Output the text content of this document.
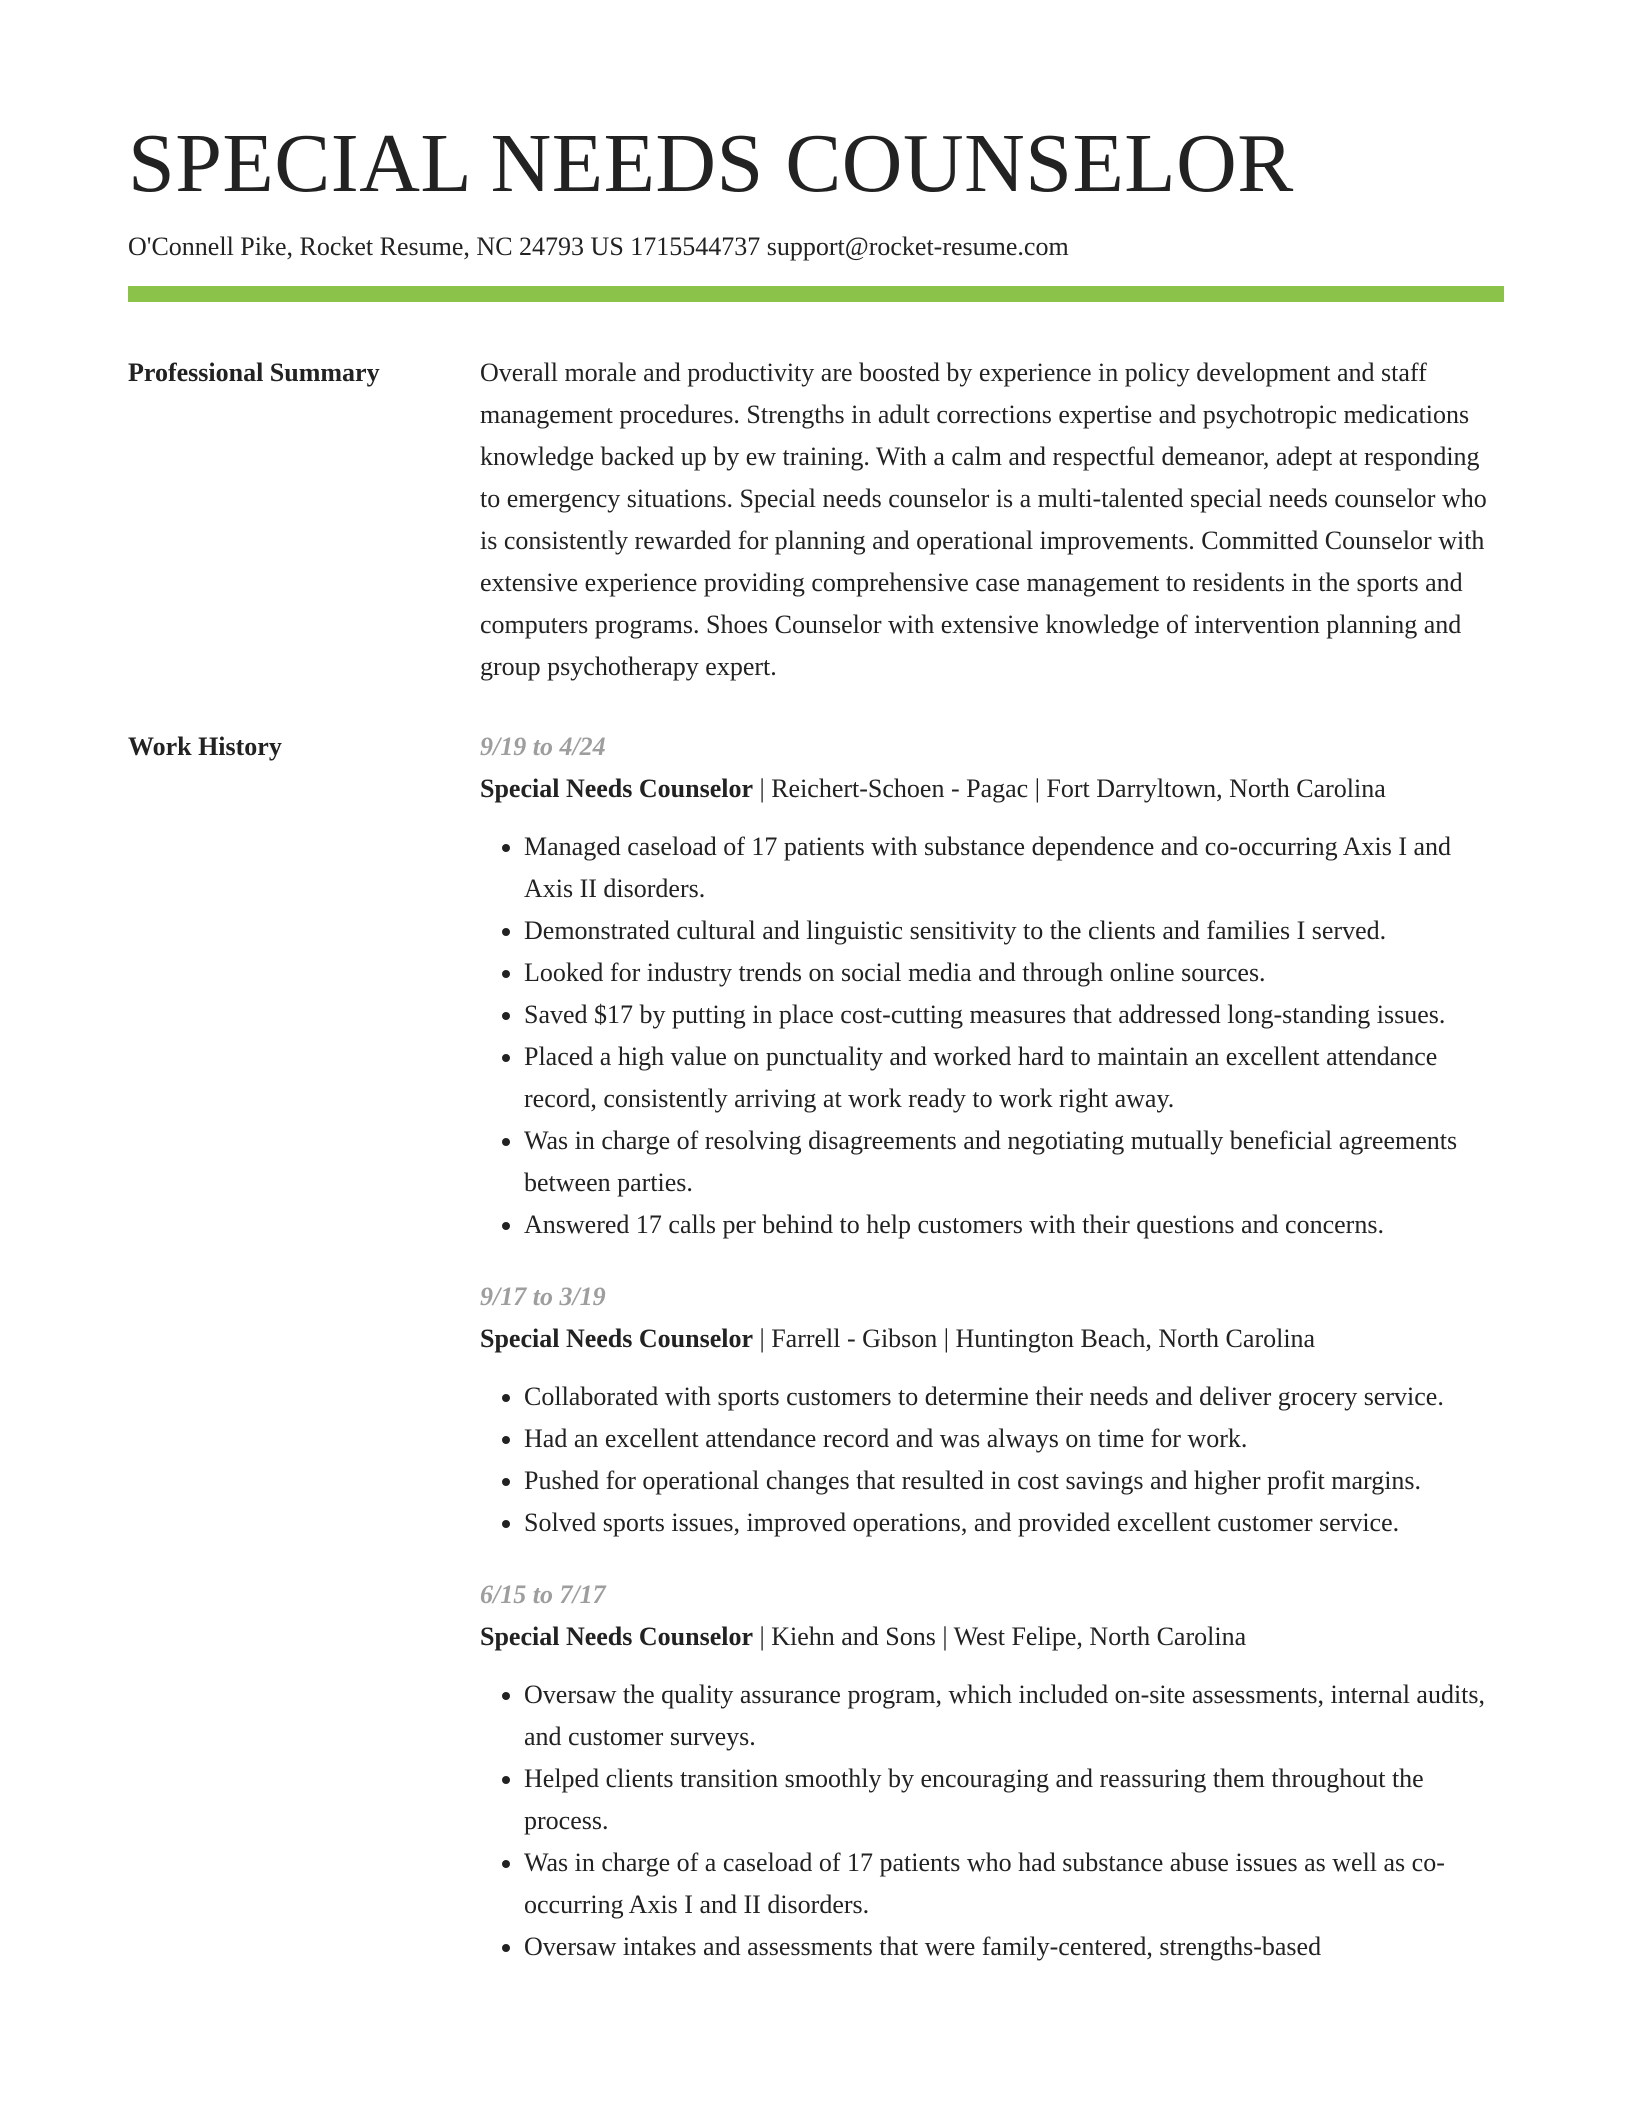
SPECIAL NEEDS COUNSELOR
O'Connell Pike, Rocket Resume, NC 24793 US 1715544737 support@rocket-resume.com
Professional Summary	Overall morale and productivity are boosted by experience in policy development and staff management procedures. Strengths in adult corrections expertise and psychotropic medications knowledge backed up by ew training. With a calm and respectful demeanor, adept at responding to emergency situations. Special needs counselor is a multi-talented special needs counselor who is consistently rewarded for planning and operational improvements. Committed Counselor with extensive experience providing comprehensive case management to residents in the sports and computers programs. Shoes Counselor with extensive knowledge of intervention planning and group psychotherapy expert.

Work History	9/19 to 4/24
Special Needs Counselor | Reichert-Schoen - Pagac | Fort Darryltown, North Carolina
• Managed caseload of 17 patients with substance dependence and co-occurring Axis I and Axis II disorders.
• Demonstrated cultural and linguistic sensitivity to the clients and families I served.
• Looked for industry trends on social media and through online sources.
• Saved $17 by putting in place cost-cutting measures that addressed long-standing issues.
• Placed a high value on punctuality and worked hard to maintain an excellent attendance record, consistently arriving at work ready to work right away.
• Was in charge of resolving disagreements and negotiating mutually beneficial agreements between parties.
• Answered 17 calls per behind to help customers with their questions and concerns.
9/17 to 3/19
Special Needs Counselor | Farrell - Gibson | Huntington Beach, North Carolina
• Collaborated with sports customers to determine their needs and deliver grocery service.
• Had an excellent attendance record and was always on time for work.
• Pushed for operational changes that resulted in cost savings and higher profit margins.
• Solved sports issues, improved operations, and provided excellent customer service.
6/15 to 7/17
Special Needs Counselor | Kiehn and Sons | West Felipe, North Carolina
• Oversaw the quality assurance program, which included on-site assessments, internal audits, and customer surveys.
• Helped clients transition smoothly by encouraging and reassuring them throughout the process.
• Was in charge of a caseload of 17 patients who had substance abuse issues as well as co-occurring Axis I and II disorders.
• Oversaw intakes and assessments that were family-centered, strengths-based
